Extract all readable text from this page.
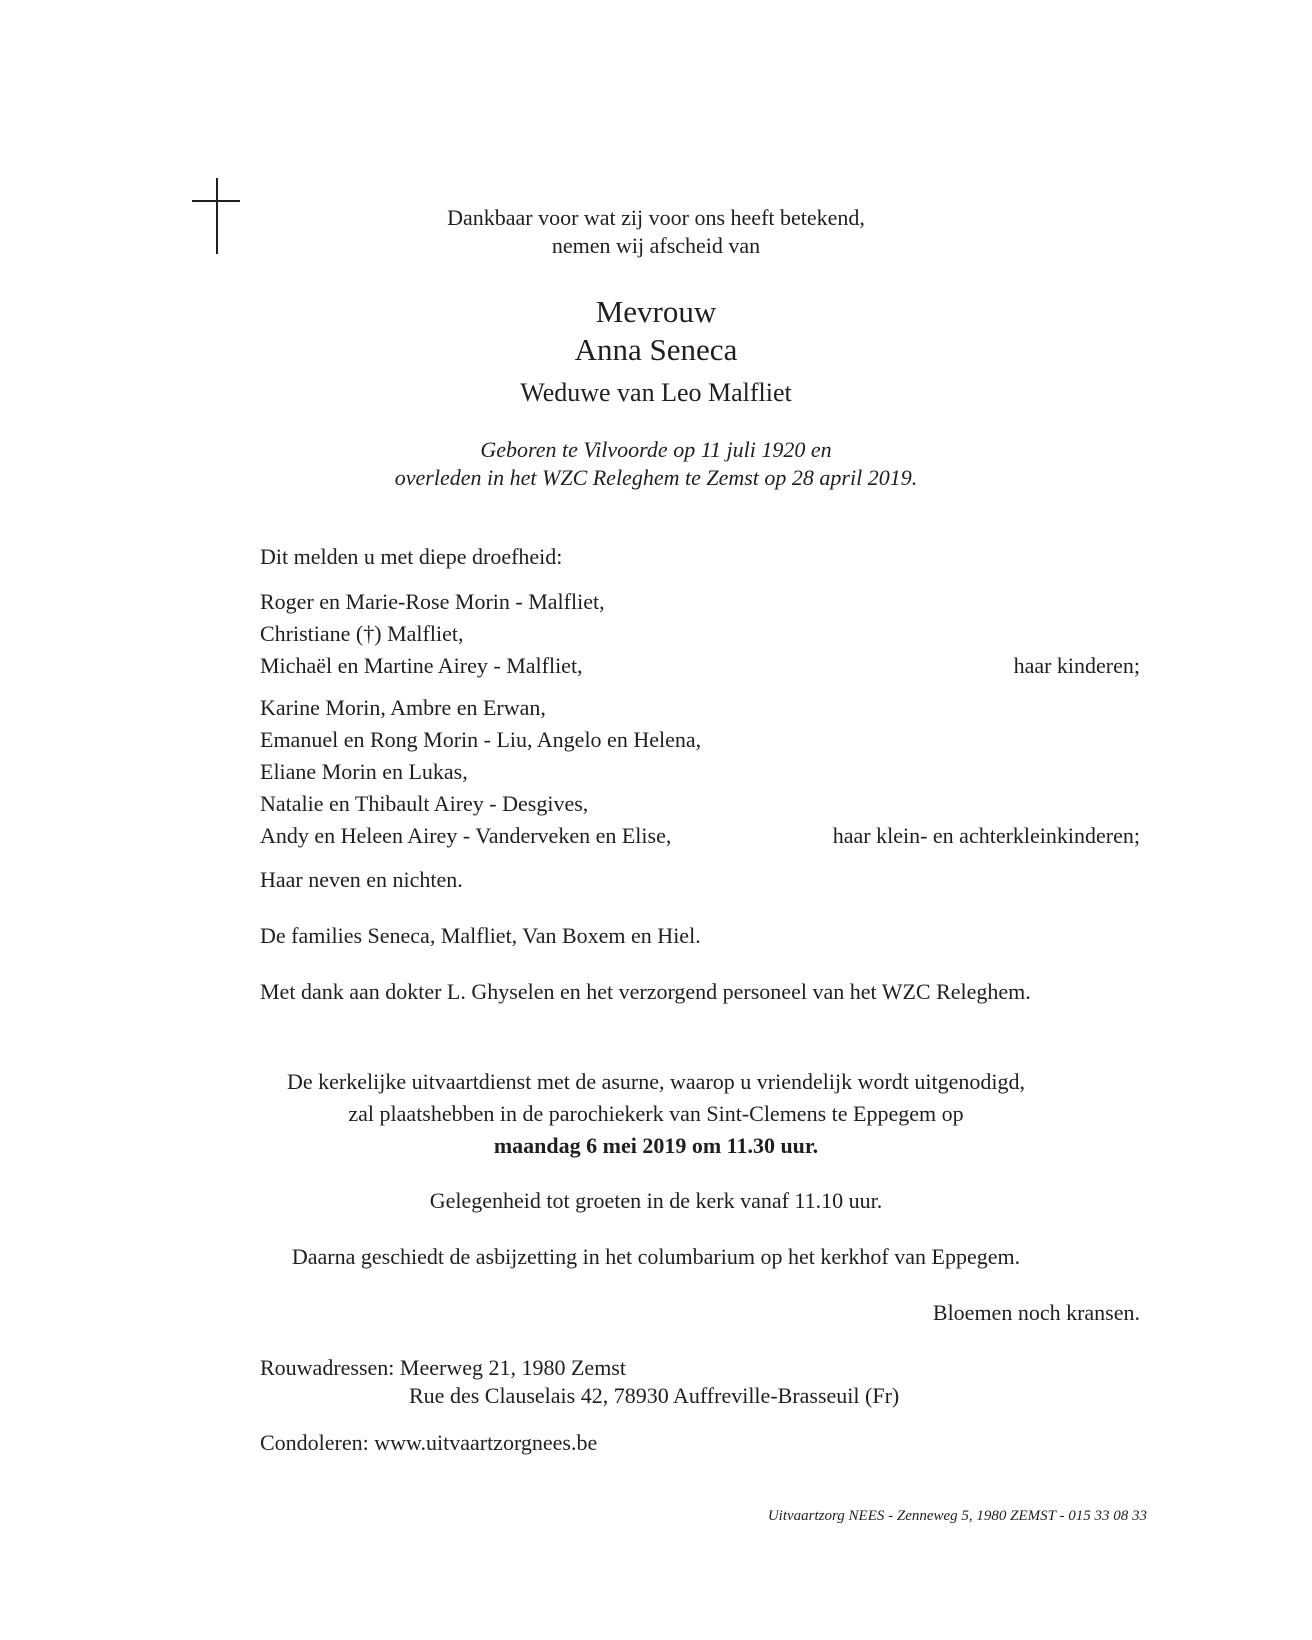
Dankbaar voor wat zij voor ons heeft betekend,
nemen wij afscheid van
Mevrouw
Anna Seneca
Weduwe van Leo Malfliet
Geboren te Vilvoorde op 11 juli 1920 en
overleden in het WZC Releghem te Zemst op 28 april 2019.
Dit melden u met diepe droefheid:
Roger en Marie-Rose Morin - Malfliet,
Christiane (†) Malfliet,
Michaël en Martine Airey - Malfliet,	haar kinderen;
Karine Morin, Ambre en Erwan,
Emanuel en Rong Morin - Liu, Angelo en Helena,
Eliane Morin en Lukas,
Natalie en Thibault Airey - Desgives,
Andy en Heleen Airey - Vanderveken en Elise,	haar klein- en achterkleinkinderen;
Haar neven en nichten.
De families Seneca, Malfliet, Van Boxem en Hiel.
Met dank aan dokter L. Ghyselen en het verzorgend personeel van het WZC Releghem.
De kerkelijke uitvaartdienst met de asurne, waarop u vriendelijk wordt uitgenodigd,
zal plaatshebben in de parochiekerk van Sint-Clemens te Eppegem op
maandag 6 mei 2019 om 11.30 uur.
Gelegenheid tot groeten in de kerk vanaf 11.10 uur.
Daarna geschiedt de asbijzetting in het columbarium op het kerkhof van Eppegem.
Bloemen noch kransen.
Rouwadressen: Meerweg 21, 1980 Zemst
Rue des Clauselais 42, 78930 Auffreville-Brasseuil (Fr)
Condoleren: www.uitvaartzorgnees.be
Uitvaartzorg NEES - Zenneweg 5, 1980 ZEMST - 015 33 08 33
